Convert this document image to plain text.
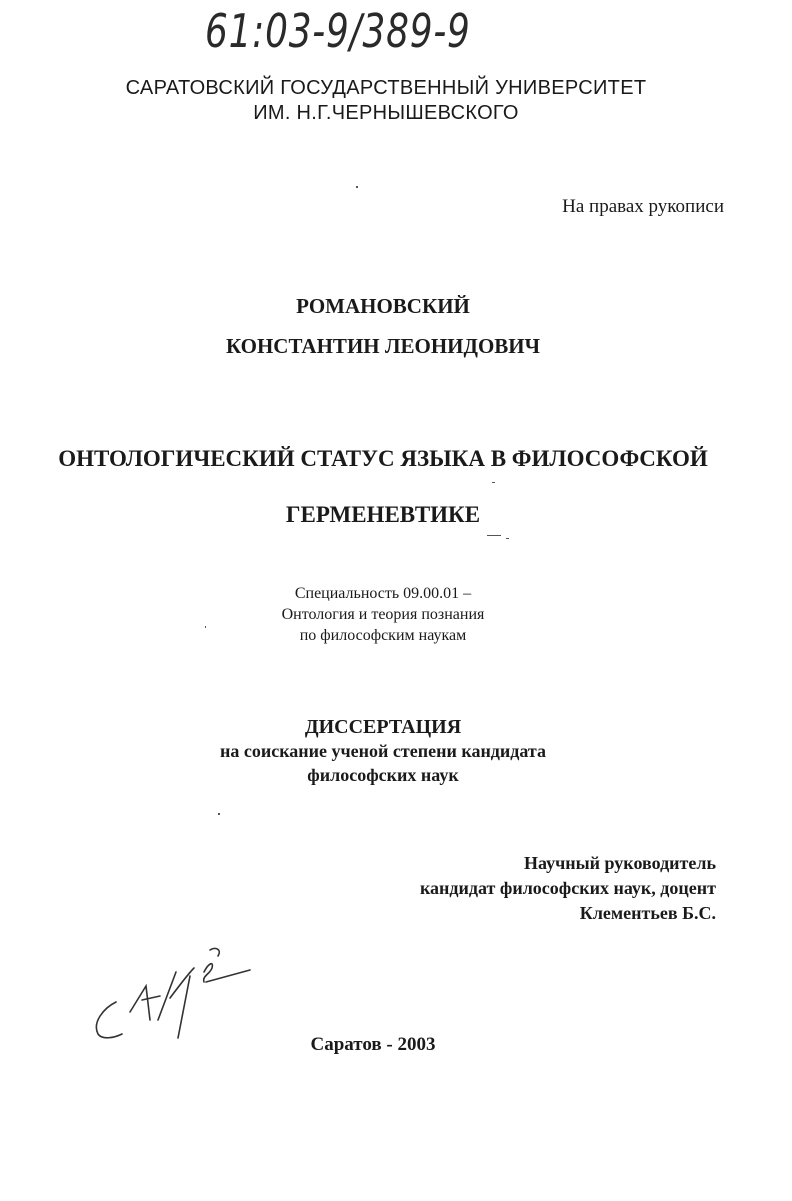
61:03-9/389-9
САРАТОВСКИЙ ГОСУДАРСТВЕННЫЙ УНИВЕРСИТЕТ
ИМ. Н.Г.ЧЕРНЫШЕВСКОГО
На правах рукописи
РОМАНОВСКИЙ
КОНСТАНТИН ЛЕОНИДОВИЧ
ОНТОЛОГИЧЕСКИЙ СТАТУС ЯЗЫКА В ФИЛОСОФСКОЙ
ГЕРМЕНЕВТИКЕ
Специальность 09.00.01 –
Онтология и теория познания
по философским наукам
ДИССЕРТАЦИЯ
на соискание ученой степени кандидата
философских наук
Научный руководитель
кандидат философских наук, доцент
Клементьев Б.С.
Саратов - 2003
